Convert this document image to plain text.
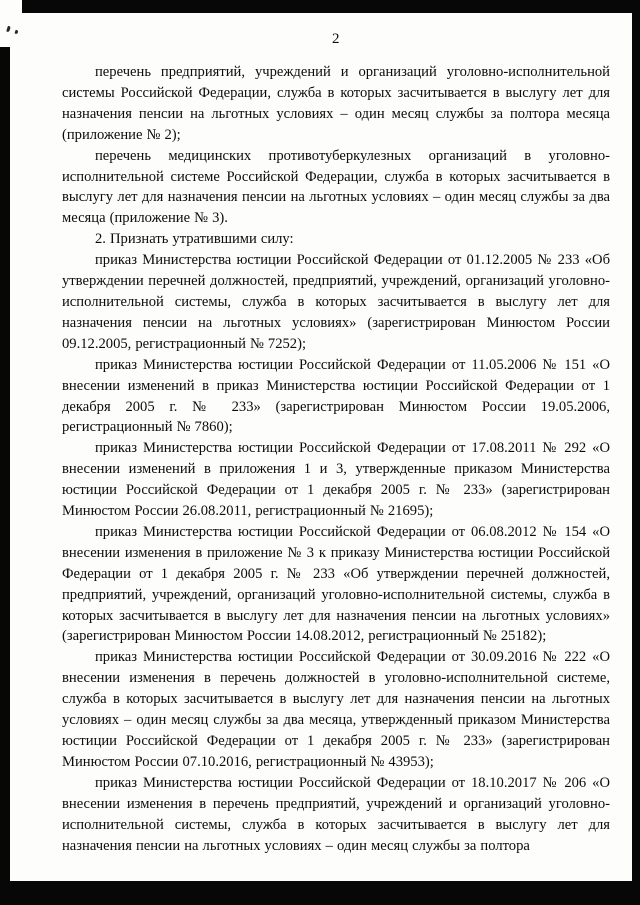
2

перечень предприятий, учреждений и организаций уголовно-исполнительной системы Российской Федерации, служба в которых засчитывается в выслугу лет для назначения пенсии на льготных условиях – один месяц службы за полтора месяца (приложение № 2);

перечень медицинских противотуберкулезных организаций в уголовно-исполнительной системе Российской Федерации, служба в которых засчитывается в выслугу лет для назначения пенсии на льготных условиях – один месяц службы за два месяца (приложение № 3).

2. Признать утратившими силу:

приказ Министерства юстиции Российской Федерации от 01.12.2005 № 233 «Об утверждении перечней должностей, предприятий, учреждений, организаций уголовно-исполнительной системы, служба в которых засчитывается в выслугу лет для назначения пенсии на льготных условиях» (зарегистрирован Минюстом России 09.12.2005, регистрационный № 7252);

приказ Министерства юстиции Российской Федерации от 11.05.2006 № 151 «О внесении изменений в приказ Министерства юстиции Российской Федерации от 1 декабря 2005 г. № 233» (зарегистрирован Минюстом России 19.05.2006, регистрационный № 7860);

приказ Министерства юстиции Российской Федерации от 17.08.2011 № 292 «О внесении изменений в приложения 1 и 3, утвержденные приказом Министерства юстиции Российской Федерации от 1 декабря 2005 г. № 233» (зарегистрирован Минюстом России 26.08.2011, регистрационный № 21695);

приказ Министерства юстиции Российской Федерации от 06.08.2012 № 154 «О внесении изменения в приложение № 3 к приказу Министерства юстиции Российской Федерации от 1 декабря 2005 г. № 233 «Об утверждении перечней должностей, предприятий, учреждений, организаций уголовно-исполнительной системы, служба в которых засчитывается в выслугу лет для назначения пенсии на льготных условиях» (зарегистрирован Минюстом России 14.08.2012, регистрационный № 25182);

приказ Министерства юстиции Российской Федерации от 30.09.2016 № 222 «О внесении изменения в перечень должностей в уголовно-исполнительной системе, служба в которых засчитывается в выслугу лет для назначения пенсии на льготных условиях – один месяц службы за два месяца, утвержденный приказом Министерства юстиции Российской Федерации от 1 декабря 2005 г. № 233» (зарегистрирован Минюстом России 07.10.2016, регистрационный № 43953);

приказ Министерства юстиции Российской Федерации от 18.10.2017 № 206 «О внесении изменения в перечень предприятий, учреждений и организаций уголовно-исполнительной системы, служба в которых засчитывается в выслугу лет для назначения пенсии на льготных условиях – один месяц службы за полтора
